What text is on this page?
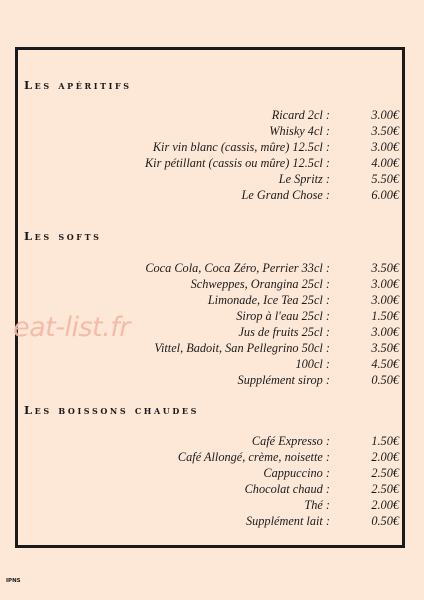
Les apéritifs
Ricard 2cl :	3.00€
Whisky 4cl :	3.50€
Kir vin blanc (cassis, mûre) 12.5cl :	3.00€
Kir pétillant (cassis ou mûre) 12.5cl :	4.00€
Le Spritz :	5.50€
Le Grand Chose :	6.00€
Les softs
Coca Cola, Coca Zéro, Perrier 33cl :	3.50€
Schweppes, Orangina 25cl :	3.00€
Limonade, Ice Tea 25cl :	3.00€
Sirop à l'eau 25cl :	1.50€
Jus de fruits 25cl :	3.00€
Vittel, Badoit, San Pellegrino 50cl :	3.50€
100cl :	4.50€
Supplément sirop :	0.50€
Les boissons chaudes
Café Expresso :	1.50€
Café Allongé, crème, noisette :	2.00€
Cappuccino :	2.50€
Chocolat chaud :	2.50€
Thé :	2.00€
Supplément lait :	0.50€
eat-list.fr
IPNS
